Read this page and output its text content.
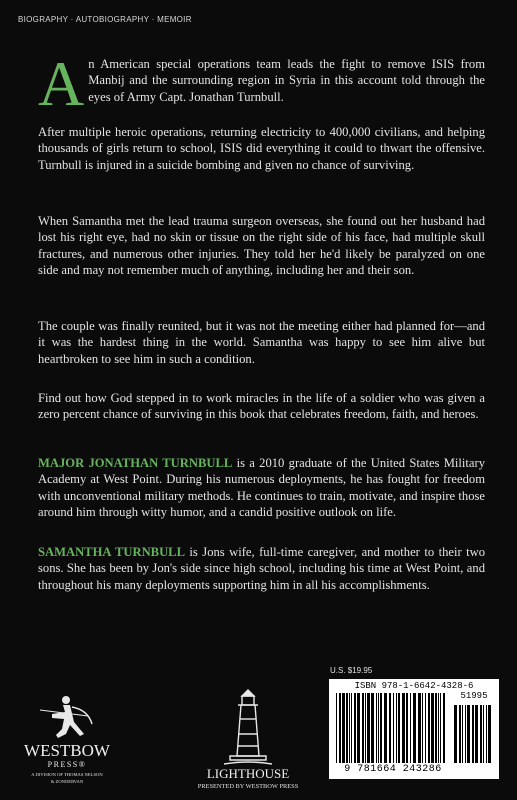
BIOGRAPHY · AUTOBIOGRAPHY · MEMOIR
A n American special operations team leads the fight to remove ISIS from Manbij and the surrounding region in Syria in this account told through the eyes of Army Capt. Jonathan Turnbull.

After multiple heroic operations, returning electricity to 400,000 civilians, and helping thousands of girls return to school, ISIS did everything it could to thwart the offensive. Turnbull is injured in a suicide bombing and given no chance of surviving.

When Samantha met the lead trauma surgeon overseas, she found out her husband had lost his right eye, had no skin or tissue on the right side of his face, had multiple skull fractures, and numerous other injuries. They told her he'd likely be paralyzed on one side and may not remember much of anything, including her and their son.

The couple was finally reunited, but it was not the meeting either had planned for—and it was the hardest thing in the world. Samantha was happy to see him alive but heartbroken to see him in such a condition.

Find out how God stepped in to work miracles in the life of a soldier who was given a zero percent chance of surviving in this book that celebrates freedom, faith, and heroes.

MAJOR JONATHAN TURNBULL is a 2010 graduate of the United States Military Academy at West Point. During his numerous deployments, he has fought for freedom with unconventional military methods. He continues to train, motivate, and inspire those around him through witty humor, and a candid positive outlook on life.

SAMANTHA TURNBULL is Jons wife, full-time caregiver, and mother to their two sons. She has been by Jon's side since high school, including his time at West Point, and throughout his many deployments supporting him in all his accomplishments.

WESTBOW
PRESS®
A DIVISION OF THOMAS NELSON
& ZONDERVAN
LIGHTHOUSE
PRESENTED BY WESTBOW PRESS
U.S. $19.95
ISBN 978-1-6642-4328-6
51995
9 781664 243286
